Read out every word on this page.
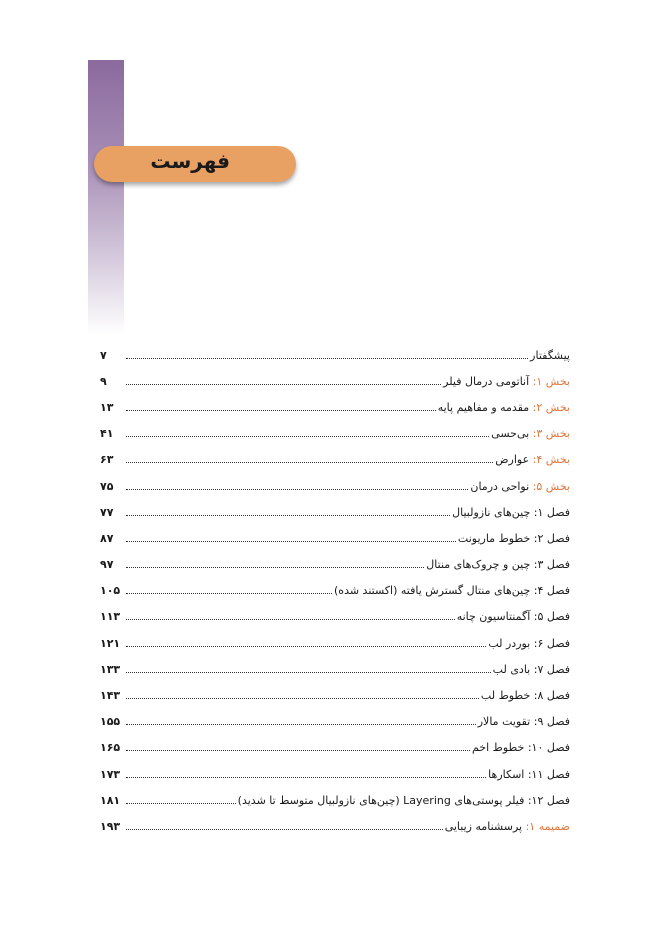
فهرست
پیشگفتار
۷
بخش ۱: آناتومی درمال فیلر
۹
بخش ۲: مقدمه و مفاهیم پایه
۱۳
بخش ۳: بی‌حسی
۴۱
بخش ۴: عوارض
۶۳
بخش ۵: نواحی درمان
۷۵
فصل ۱: چین‌های نازولبیال
۷۷
فصل ۲: خطوط ماریونت
۸۷
فصل ۳: چین و چروک‌های منتال
۹۷
فصل ۴: چین‌های منتال گسترش یافته (اکستند شده)
۱۰۵
فصل ۵: آگمنتاسیون چانه
۱۱۳
فصل ۶: بوردر لب
۱۲۱
فصل ۷: بادی لب
۱۳۳
فصل ۸: خطوط لب
۱۴۳
فصل ۹: تقویت مالار
۱۵۵
فصل ۱۰: خطوط اخم
۱۶۵
فصل ۱۱: اسکارها
۱۷۳
فصل ۱۲: فیلر پوستی‌های Layering (چین‌های نازولبیال متوسط تا شدید)
۱۸۱
ضمیمه ۱: پرسشنامه زیبایی
۱۹۳
